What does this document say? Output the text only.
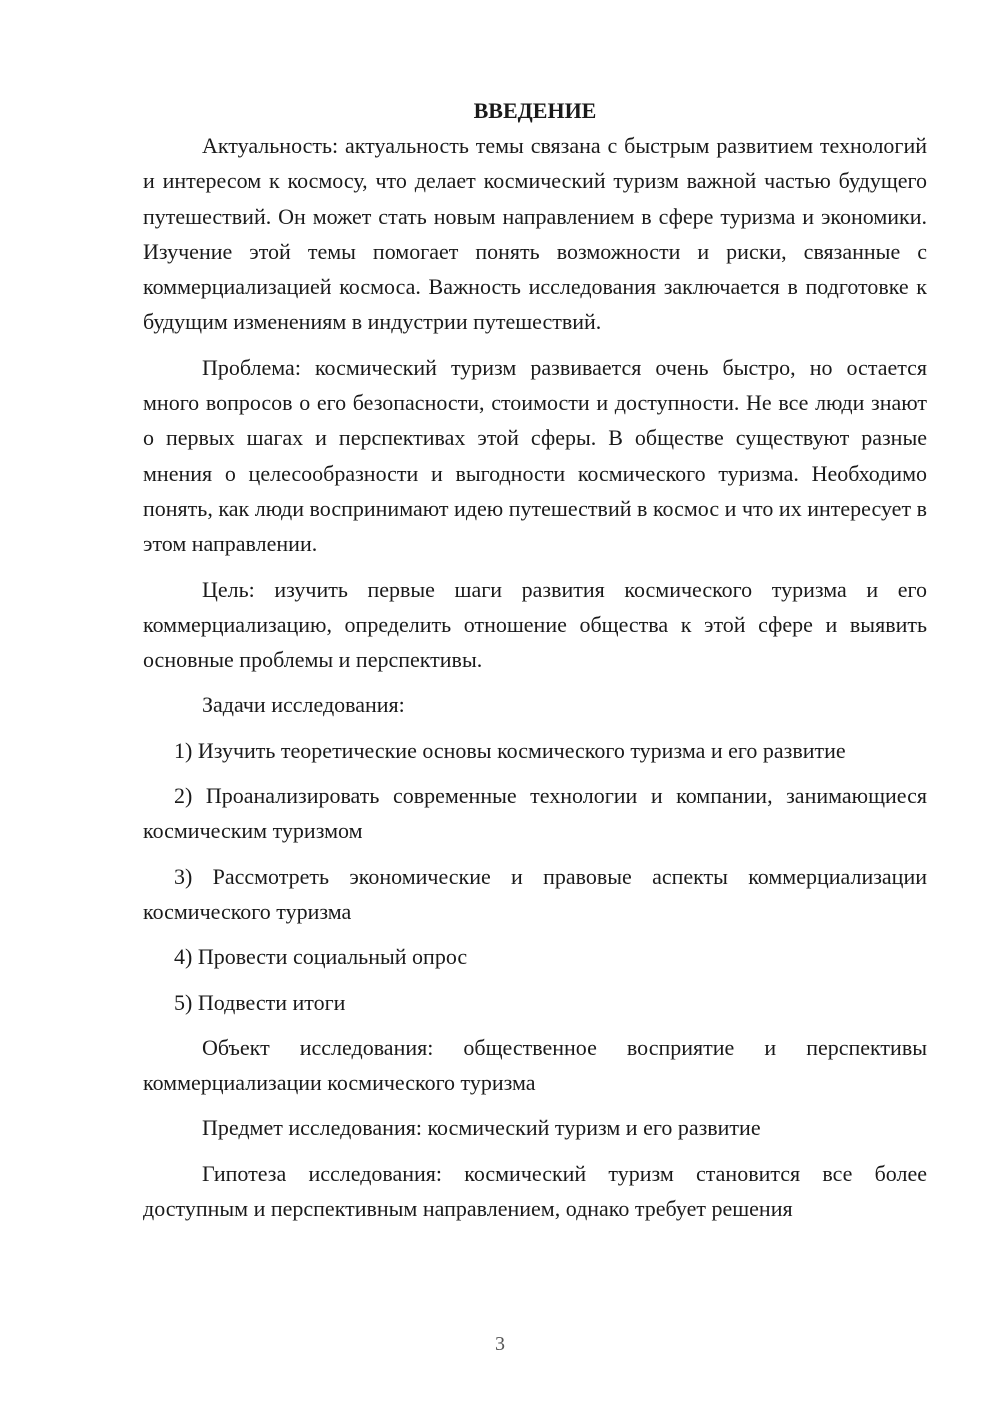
ВВЕДЕНИЕ

Актуальность: актуальность темы связана с быстрым развитием технологий и интересом к космосу, что делает космический туризм важной частью будущего путешествий. Он может стать новым направлением в сфере туризма и экономики. Изучение этой темы помогает понять возможности и риски, связанные с коммерциализацией космоса. Важность исследования заключается в подготовке к будущим изменениям в индустрии путешествий.

Проблема: космический туризм развивается очень быстро, но остается много вопросов о его безопасности, стоимости и доступности. Не все люди знают о первых шагах и перспективах этой сферы. В обществе существуют разные мнения о целесообразности и выгодности космического туризма. Необходимо понять, как люди воспринимают идею путешествий в космос и что их интересует в этом направлении.

Цель: изучить первые шаги развития космического туризма и его коммерциализацию, определить отношение общества к этой сфере и выявить основные проблемы и перспективы.

Задачи исследования:

1) Изучить теоретические основы космического туризма и его развитие

2) Проанализировать современные технологии и компании, занимающиеся космическим туризмом

3) Рассмотреть экономические и правовые аспекты коммерциализации космического туризма

4) Провести социальный опрос

5) Подвести итоги

Объект исследования: общественное восприятие и перспективы коммерциализации космического туризма

Предмет исследования: космический туризм и его развитие

Гипотеза исследования: космический туризм становится все более доступным и перспективным направлением, однако требует решения

3
